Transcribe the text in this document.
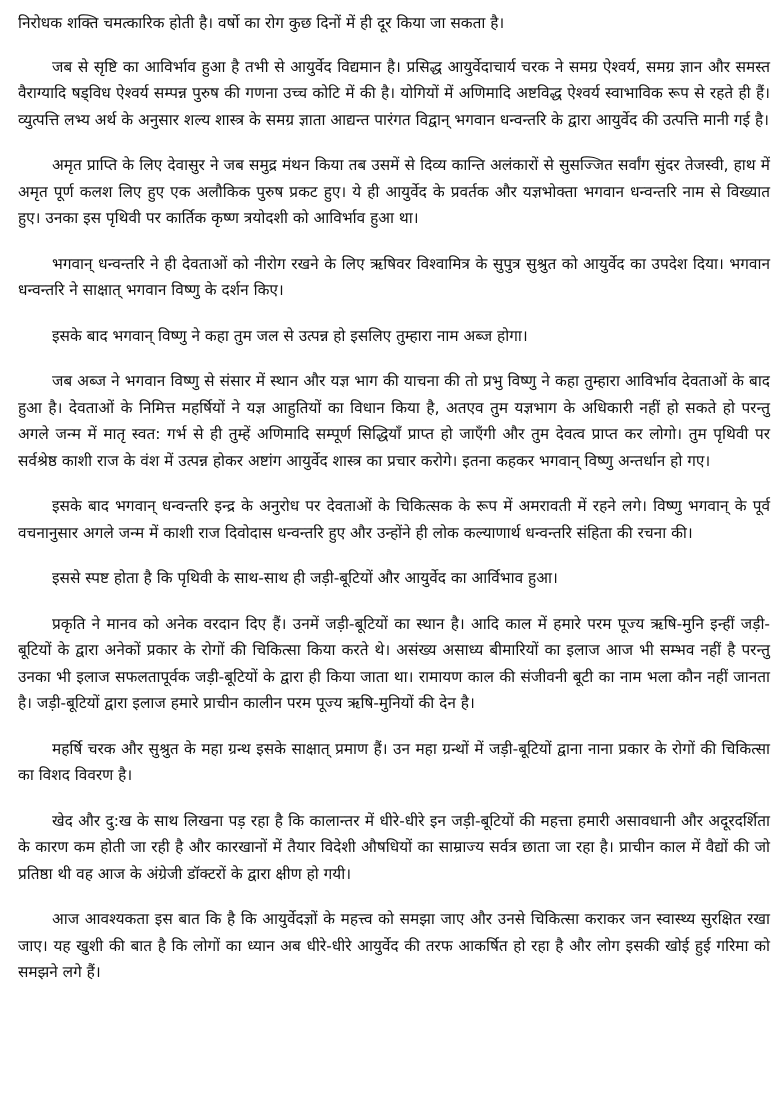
निरोधक शक्ति चमत्कारिक होती है। वर्षो का रोग कुछ दिनों में ही दूर किया जा सकता है।

जब से सृष्टि का आविर्भाव हुआ है तभी से आयुर्वेद विद्यमान है। प्रसिद्ध आयुर्वेदाचार्य चरक ने समग्र ऐश्वर्य, समग्र ज्ञान और समस्त वैराग्यादि षड्विध ऐश्वर्य सम्पन्न पुरुष की गणना उच्च कोटि में की है। योगियों में अणिमादि अष्टविद्ध ऐश्वर्य स्वाभाविक रूप से रहते ही हैं। व्युत्पत्ति लभ्य अर्थ के अनुसार शल्य शास्त्र के समग्र ज्ञाता आद्यन्त पारंगत विद्वान् भगवान धन्वन्तरि के द्वारा आयुर्वेद की उत्पत्ति मानी गई है।

अमृत प्राप्ति के लिए देवासुर ने जब समुद्र मंथन किया तब उसमें से दिव्य कान्ति अलंकारों से सुसज्जित सर्वांग सुंदर तेजस्वी, हाथ में अमृत पूर्ण कलश लिए हुए एक अलौकिक पुरुष प्रकट हुए। ये ही आयुर्वेद के प्रवर्तक और यज्ञभोक्ता भगवान धन्वन्तरि नाम से विख्यात हुए। उनका इस पृथिवी पर कार्तिक कृष्ण त्रयोदशी को आविर्भाव हुआ था।

भगवान् धन्वन्तरि ने ही देवताओं को नीरोग रखने के लिए ऋषिवर विश्वामित्र के सुपुत्र सुश्रुत को आयुर्वेद का उपदेश दिया। भगवान धन्वन्तरि ने साक्षात् भगवान विष्णु के दर्शन किए।

इसके बाद भगवान् विष्णु ने कहा तुम जल से उत्पन्न हो इसलिए तुम्हारा नाम अब्ज होगा।

जब अब्ज ने भगवान विष्णु से संसार में स्थान और यज्ञ भाग की याचना की तो प्रभु विष्णु ने कहा तुम्हारा आविर्भाव देवताओं के बाद हुआ है। देवताओं के निमित्त महर्षियों ने यज्ञ आहुतियों का विधान किया है, अतएव तुम यज्ञभाग के अधिकारी नहीं हो सकते हो परन्तु अगले जन्म में मातृ स्वत: गर्भ से ही तुम्हें अणिमादि सम्पूर्ण सिद्धियाँ प्राप्त हो जाएँगी और तुम देवत्व प्राप्त कर लोगो। तुम पृथिवी पर सर्वश्रेष्ठ काशी राज के वंश में उत्पन्न होकर अष्टांग आयुर्वेद शास्त्र का प्रचार करोगे। इतना कहकर भगवान् विष्णु अन्तर्धान हो गए।

इसके बाद भगवान् धन्वन्तरि इन्द्र के अनुरोध पर देवताओं के चिकित्सक के रूप में अमरावती में रहने लगे। विष्णु भगवान् के पूर्व वचनानुसार अगले जन्म में काशी राज दिवोदास धन्वन्तरि हुए और उन्होंने ही लोक कल्याणार्थ धन्वन्तरि संहिता की रचना की।

इससे स्पष्ट होता है कि पृथिवी के साथ-साथ ही जड़ी-बूटियों और आयुर्वेद का आर्विभाव हुआ।

प्रकृति ने मानव को अनेक वरदान दिए हैं। उनमें जड़ी-बूटियों का स्थान है। आदि काल में हमारे परम पूज्य ऋषि-मुनि इन्हीं जड़ी-बूटियों के द्वारा अनेकों प्रकार के रोगों की चिकित्सा किया करते थे। असंख्य असाध्य बीमारियों का इलाज आज भी सम्भव नहीं है परन्तु उनका भी इलाज सफलतापूर्वक जड़ी-बूटियों के द्वारा ही किया जाता था। रामायण काल की संजीवनी बूटी का नाम भला कौन नहीं जानता है। जड़ी-बूटियों द्वारा इलाज हमारे प्राचीन कालीन परम पूज्य ऋषि-मुनियों की देन है।

महर्षि चरक और सुश्रुत के महा ग्रन्थ इसके साक्षात् प्रमाण हैं। उन महा ग्रन्थों में जड़ी-बूटियों द्वाना नाना प्रकार के रोगों की चिकित्सा का विशद विवरण है।

खेद और दु:ख के साथ लिखना पड़ रहा है कि कालान्तर में धीरे-धीरे इन जड़ी-बूटियों की महत्ता हमारी असावधानी और अदूरदर्शिता के कारण कम होती जा रही है और कारखानों में तैयार विदेशी औषधियों का साम्राज्य सर्वत्र छाता जा रहा है। प्राचीन काल में वैद्यों की जो प्रतिष्ठा थी वह आज के अंग्रेजी डॉक्टरों के द्वारा क्षीण हो गयी।

आज आवश्यकता इस बात कि है कि आयुर्वेदज्ञों के महत्त्व को समझा जाए और उनसे चिकित्सा कराकर जन स्वास्थ्य सुरक्षित रखा जाए। यह खुशी की बात है कि लोगों का ध्यान अब धीरे-धीरे आयुर्वेद की तरफ आकर्षित हो रहा है और लोग इसकी खोई हुई गरिमा को समझने लगे हैं।
